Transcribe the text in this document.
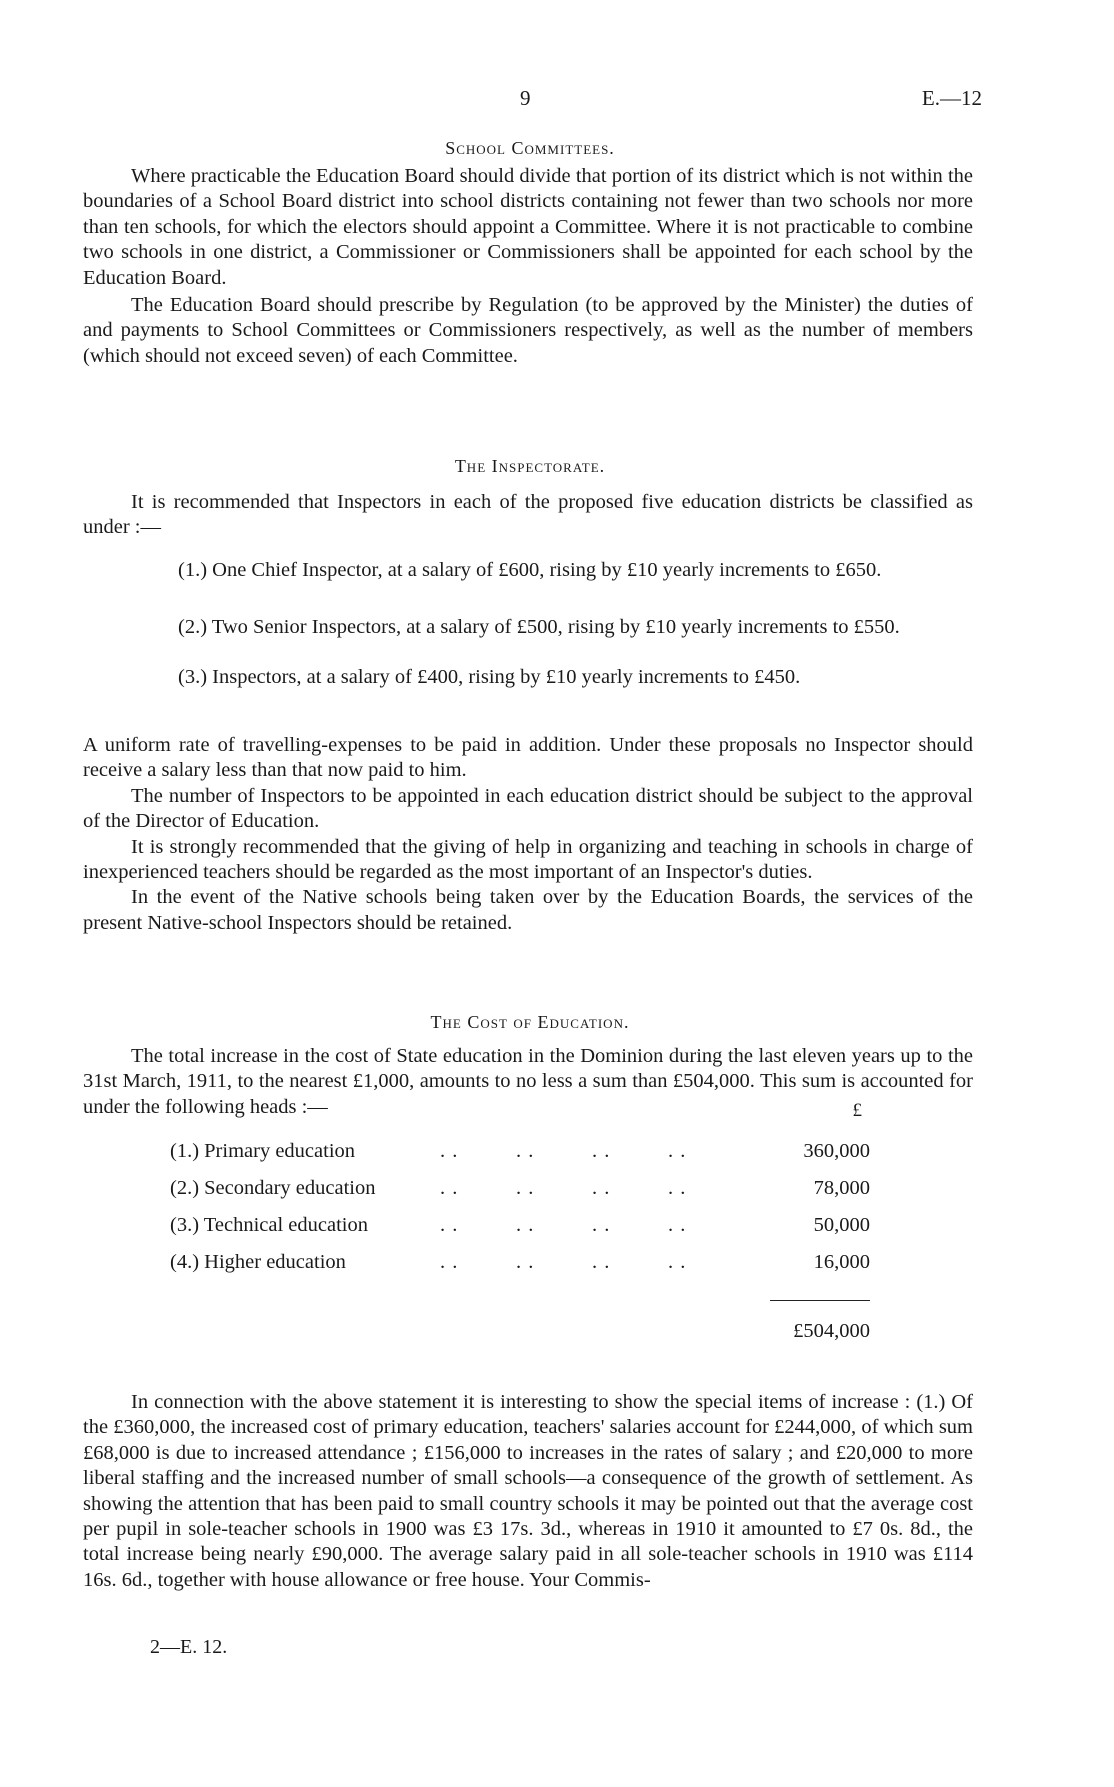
9	E.—12
School Committees.

Where practicable the Education Board should divide that portion of its district which is not within the boundaries of a School Board district into school districts containing not fewer than two schools nor more than ten schools, for which the electors should appoint a Committee. Where it is not practicable to combine two schools in one district, a Commissioner or Commissioners shall be appointed for each school by the Education Board.

The Education Board should prescribe by Regulation (to be approved by the Minister) the duties of and payments to School Committees or Commissioners respectively, as well as the number of members (which should not exceed seven) of each Committee.

The Inspectorate.

It is recommended that Inspectors in each of the proposed five education districts be classified as under :—

(1.) One Chief Inspector, at a salary of £600, rising by £10 yearly increments to £650.
(2.) Two Senior Inspectors, at a salary of £500, rising by £10 yearly increments to £550.
(3.) Inspectors, at a salary of £400, rising by £10 yearly increments to £450.

A uniform rate of travelling-expenses to be paid in addition. Under these proposals no Inspector should receive a salary less than that now paid to him.

The number of Inspectors to be appointed in each education district should be subject to the approval of the Director of Education.

It is strongly recommended that the giving of help in organizing and teaching in schools in charge of inexperienced teachers should be regarded as the most important of an Inspector's duties.

In the event of the Native schools being taken over by the Education Boards, the services of the present Native-school Inspectors should be retained.

The Cost of Education.

The total increase in the cost of State education in the Dominion during the last eleven years up to the 31st March, 1911, to the nearest £1,000, amounts to no less a sum than £504,000. This sum is accounted for under the following heads :—	£
(1.) Primary education	. .	. .	. .	. .	360,000
(2.) Secondary education	. .	. .	. .	. .	78,000
(3.) Technical education	. .	. .	. .	. .	50,000
(4.) Higher education	. .	. .	. .	. .	16,000
£504,000

In connection with the above statement it is interesting to show the special items of increase : (1.) Of the £360,000, the increased cost of primary education, teachers' salaries account for £244,000, of which sum £68,000 is due to increased attendance ; £156,000 to increases in the rates of salary ; and £20,000 to more liberal staffing and the increased number of small schools—a consequence of the growth of settlement. As showing the attention that has been paid to small country schools it may be pointed out that the average cost per pupil in sole-teacher schools in 1900 was £3 17s. 3d., whereas in 1910 it amounted to £7 0s. 8d., the total increase being nearly £90,000. The average salary paid in all sole-teacher schools in 1910 was £114 16s. 6d., together with house allowance or free house. Your Commis-

2—E. 12.
